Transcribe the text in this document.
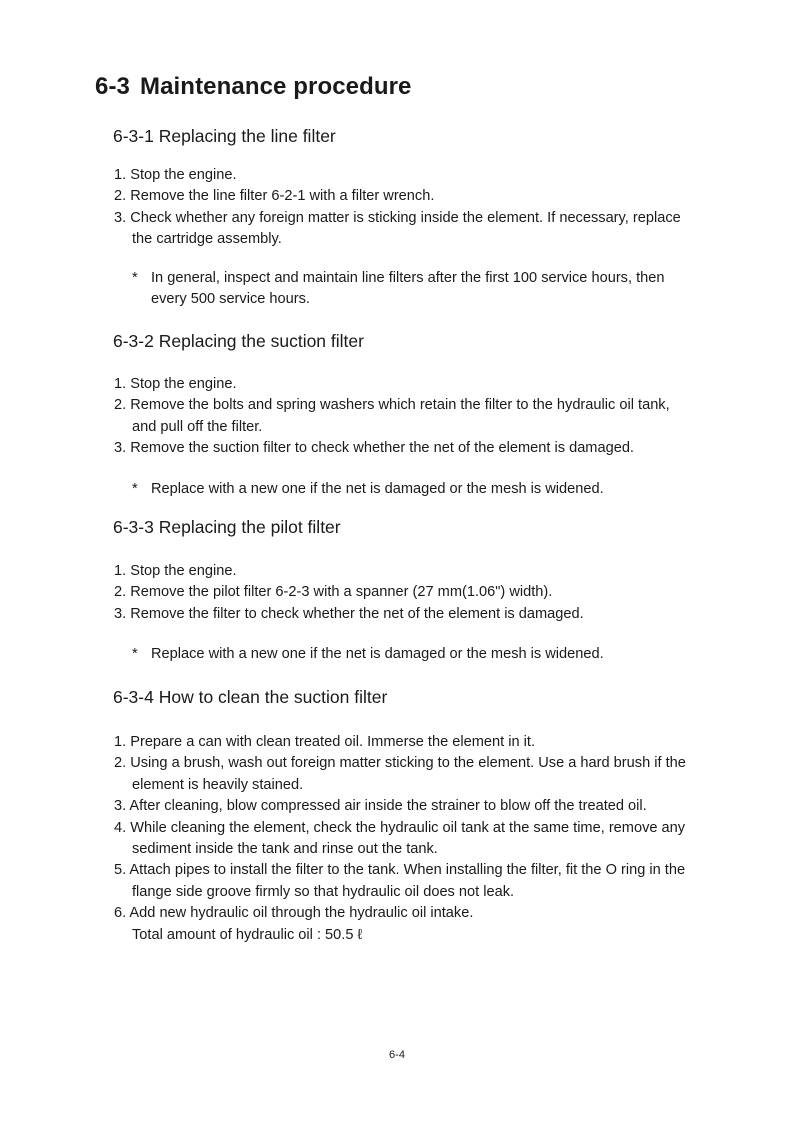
6-3 Maintenance procedure
6-3-1 Replacing the line filter
1. Stop the engine.
2. Remove the line filter 6-2-1 with a filter wrench.
3. Check whether any foreign matter is sticking inside the element. If necessary, replace
the cartridge assembly.

* In general, inspect and maintain line filters after the first 100 service hours, then
every 500 service hours.

6-3-2 Replacing the suction filter
1. Stop the engine.
2. Remove the bolts and spring washers which retain the filter to the hydraulic oil tank,
and pull off the filter.
3. Remove the suction filter to check whether the net of the element is damaged.

* Replace with a new one if the net is damaged or the mesh is widened.

6-3-3 Replacing the pilot filter
1. Stop the engine.
2. Remove the pilot filter 6-2-3 with a spanner (27 mm(1.06") width).
3. Remove the filter to check whether the net of the element is damaged.

* Replace with a new one if the net is damaged or the mesh is widened.

6-3-4 How to clean the suction filter
1. Prepare a can with clean treated oil. Immerse the element in it.
2. Using a brush, wash out foreign matter sticking to the element. Use a hard brush if the
element is heavily stained.
3. After cleaning, blow compressed air inside the strainer to blow off the treated oil.
4. While cleaning the element, check the hydraulic oil tank at the same time, remove any
sediment inside the tank and rinse out the tank.
5. Attach pipes to install the filter to the tank. When installing the filter, fit the O ring in the
flange side groove firmly so that hydraulic oil does not leak.
6. Add new hydraulic oil through the hydraulic oil intake.
Total amount of hydraulic oil : 50.5 ℓ
6-4
